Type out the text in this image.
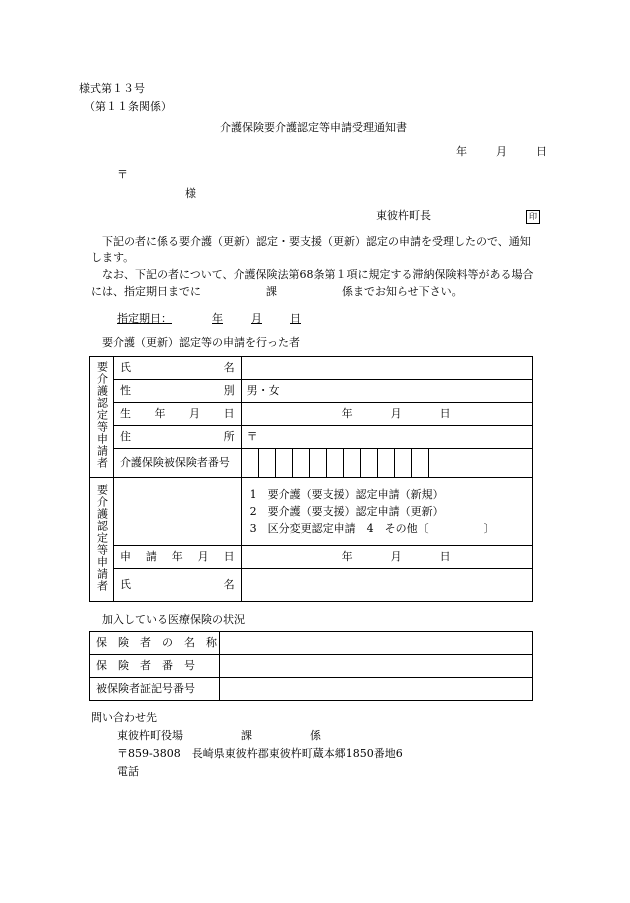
様式第１３号
（第１１条関係）
介護保険要介護認定等申請受理通知書
年	月	日
〒
様
東彼杵町長	印
下記の者に係る要介護（更新）認定・要支援（更新）認定の申請を受理したので、通知
します。
なお、下記の者について、介護保険法第68条第１項に規定する滞納保険料等がある場合
には、指定期日までに	課	係までお知らせ下さい。
指定期日：	年	月	日
要介護（更新）認定等の申請を行った者
要介護認定等申請者	氏 名	

	性 別	男・女

	生 年 月 日	年 月 日

	住 所	〒
	介護保険被保険者番号	

要介護認定等申請者		1　要介護（要支援）認定申請（新規）
2　要介護（要支援）認定申請（更新）
3　区分変更認定申請　4　その他〔　　　　　〕

	申 請 年 月 日	年 月 日

	氏 名	

加入している医療保険の状況
保　険　者　の　名　称	
保　険　者　番　号	
被保険者証記号番号	
問い合わせ先
東彼杵町役場	課	係
〒859-3808　長崎県東彼杵郡東彼杵町蔵本郷1850番地6
電話
